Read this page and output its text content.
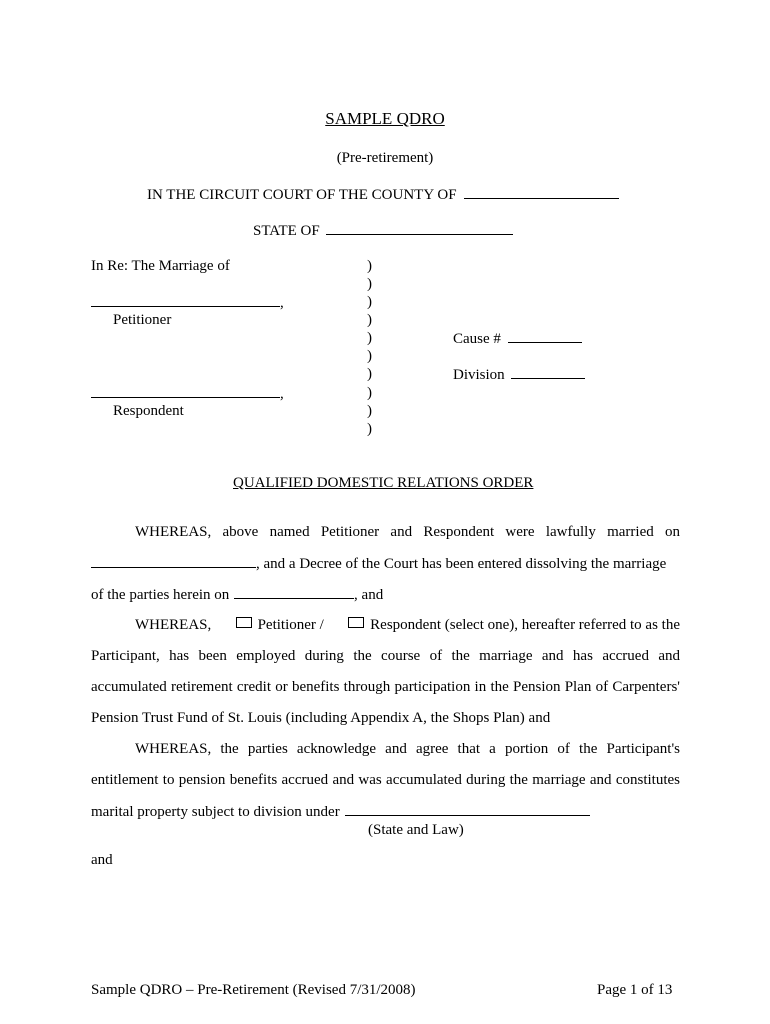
SAMPLE QDRO
(Pre-retirement)
IN THE CIRCUIT COURT OF THE COUNTY OF
STATE OF
In Re: The Marriage of
,
Petitioner
,
Respondent
)
)
)
)
)
)
)
)
)
)
Cause #
Division
QUALIFIED DOMESTIC RELATIONS ORDER
WHEREAS, above named Petitioner and Respondent were lawfully married on
, and a Decree of the Court has been entered dissolving the marriage
of the parties herein on	, and
WHEREAS,	Petitioner /	Respondent (select one), hereafter referred to as the
Participant, has been employed during the course of the marriage and has accrued and
accumulated retirement credit or benefits through participation in the Pension Plan of Carpenters'
Pension Trust Fund of St. Louis (including Appendix A, the Shops Plan) and
WHEREAS, the parties acknowledge and agree that a portion of the Participant's
entitlement to pension benefits accrued and was accumulated during the marriage and constitutes
marital property subject to division under
(State and Law)
and
Sample QDRO – Pre-Retirement (Revised 7/31/2008)	Page 1 of 13
